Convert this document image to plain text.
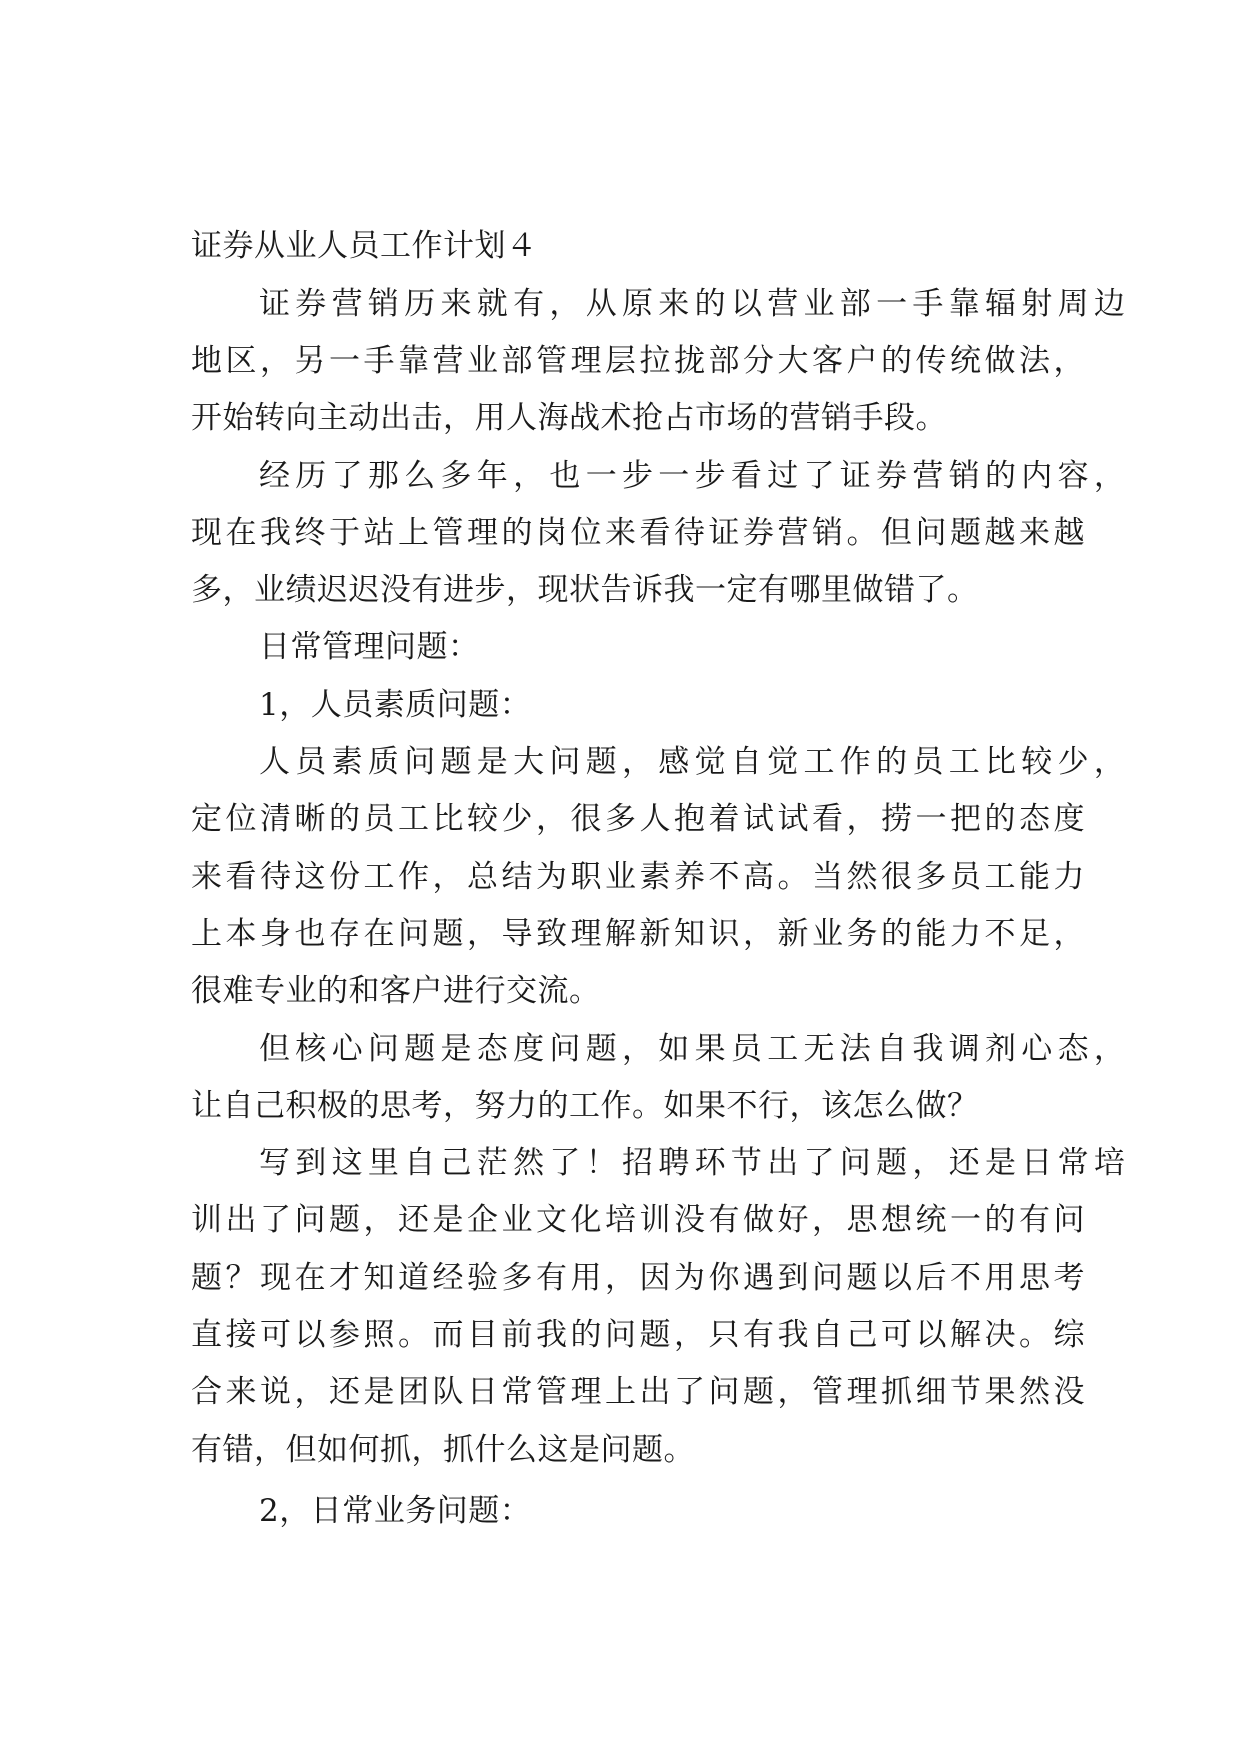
证券从业人员工作计划４
证券营销历来就有，从原来的以营业部一手靠辐射周边
地区，另一手靠营业部管理层拉拢部分大客户的传统做法，
开始转向主动出击，用人海战术抢占市场的营销手段。
经历了那么多年，也一步一步看过了证券营销的内容，
现在我终于站上管理的岗位来看待证券营销。但问题越来越
多，业绩迟迟没有进步，现状告诉我一定有哪里做错了。
日常管理问题：
1，人员素质问题：
人员素质问题是大问题，感觉自觉工作的员工比较少，
定位清晰的员工比较少，很多人抱着试试看，捞一把的态度
来看待这份工作，总结为职业素养不高。当然很多员工能力
上本身也存在问题，导致理解新知识，新业务的能力不足，
很难专业的和客户进行交流。
但核心问题是态度问题，如果员工无法自我调剂心态，
让自己积极的思考，努力的工作。如果不行，该怎么做？
写到这里自己茫然了！招聘环节出了问题，还是日常培
训出了问题，还是企业文化培训没有做好，思想统一的有问
题？现在才知道经验多有用，因为你遇到问题以后不用思考
直接可以参照。而目前我的问题，只有我自己可以解决。综
合来说，还是团队日常管理上出了问题，管理抓细节果然没
有错，但如何抓，抓什么这是问题。
2，日常业务问题：
